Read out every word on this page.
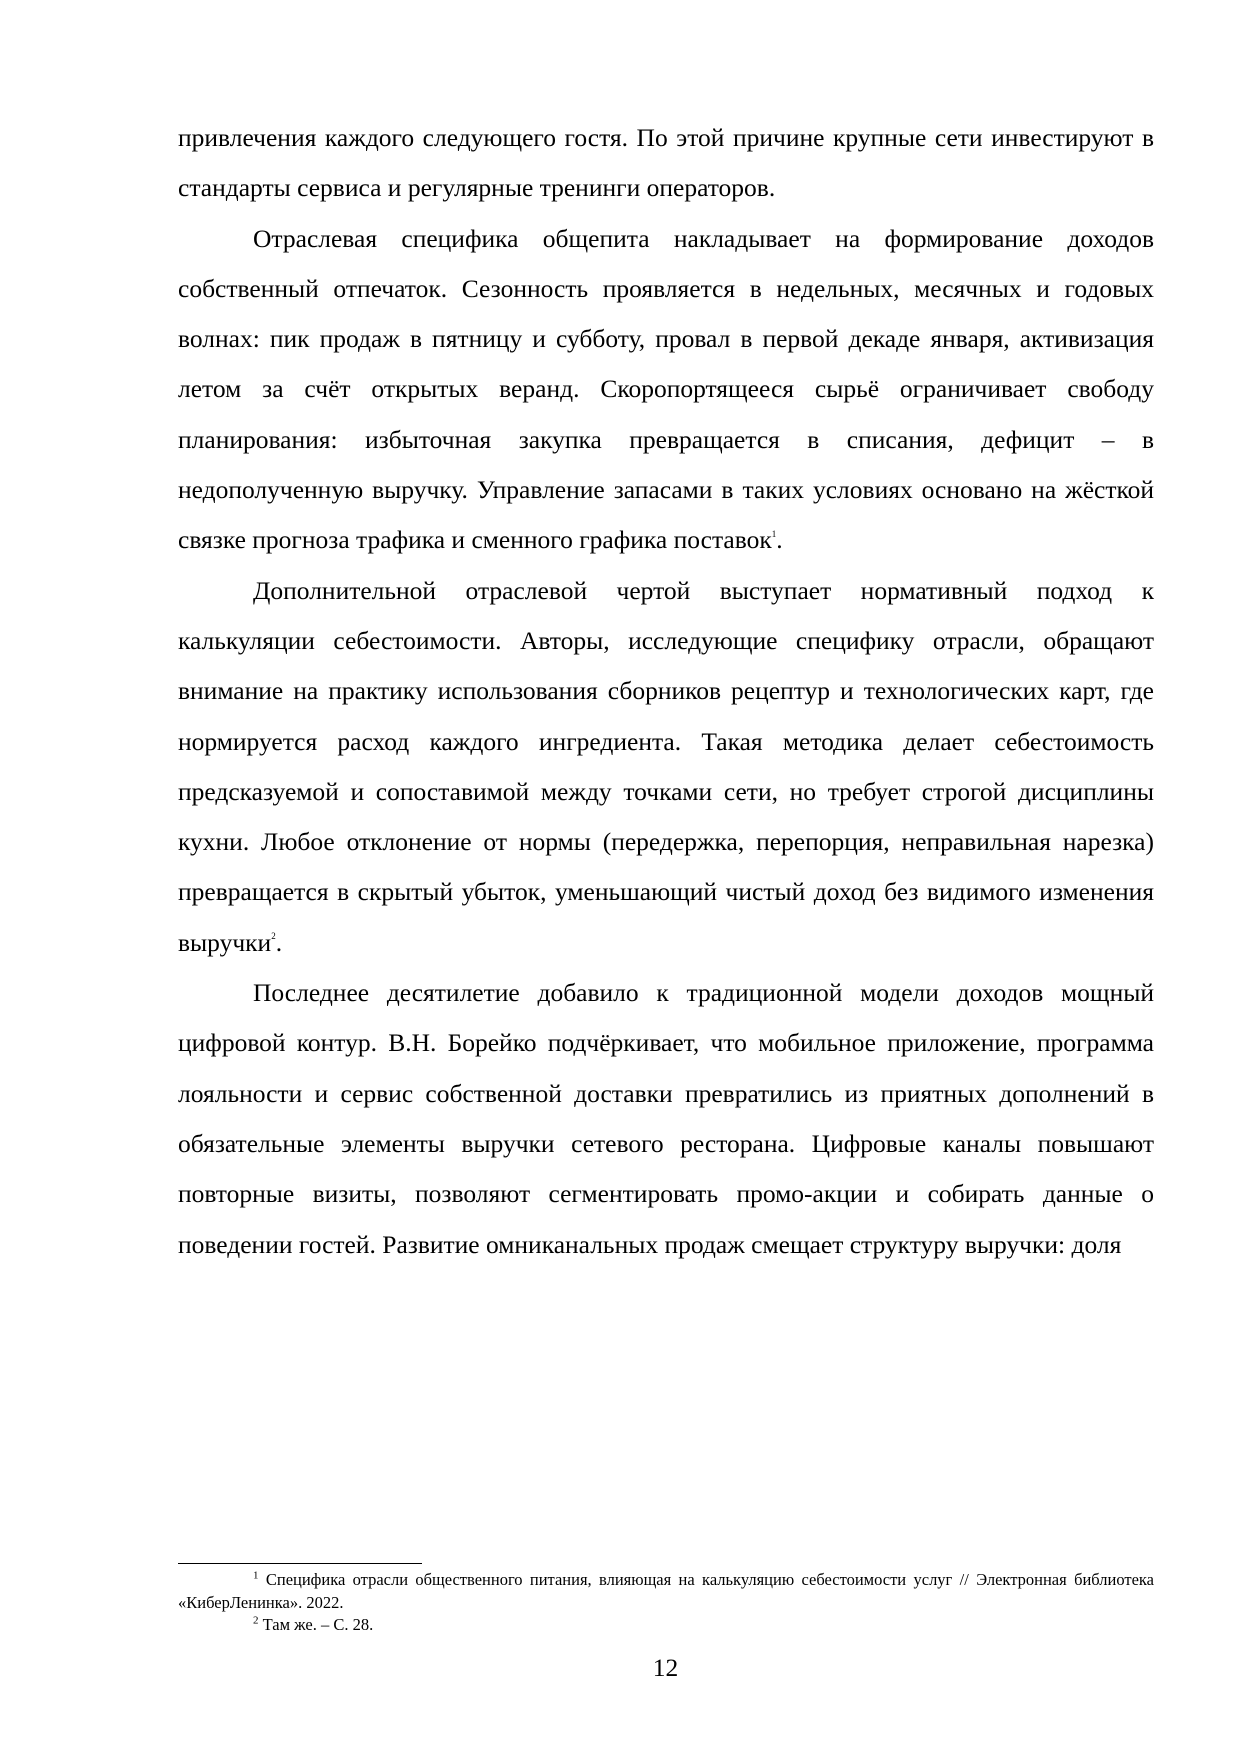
привлечения каждого следующего гостя. По этой причине крупные сети инвестируют в стандарты сервиса и регулярные тренинги операторов.

Отраслевая специфика общепита накладывает на формирование доходов собственный отпечаток. Сезонность проявляется в недельных, месячных и годовых волнах: пик продаж в пятницу и субботу, провал в первой декаде января, активизация летом за счёт открытых веранд. Скоропортящееся сырьё ограничивает свободу планирования: избыточная закупка превращается в списания, дефицит – в недополученную выручку. Управление запасами в таких условиях основано на жёсткой связке прогноза трафика и сменного графика поставок$^1$.

Дополнительной отраслевой чертой выступает нормативный подход к калькуляции себестоимости. Авторы, исследующие специфику отрасли, обращают внимание на практику использования сборников рецептур и технологических карт, где нормируется расход каждого ингредиента. Такая методика делает себестоимость предсказуемой и сопоставимой между точками сети, но требует строгой дисциплины кухни. Любое отклонение от нормы (передержка, перепорция, неправильная нарезка) превращается в скрытый убыток, уменьшающий чистый доход без видимого изменения выручки$^2$.

Последнее десятилетие добавило к традиционной модели доходов мощный цифровой контур. В.Н. Борейко подчёркивает, что мобильное приложение, программа лояльности и сервис собственной доставки превратились из приятных дополнений в обязательные элементы выручки сетевого ресторана. Цифровые каналы повышают повторные визиты, позволяют сегментировать промо-акции и собирать данные о поведении гостей. Развитие омниканальных продаж смещает структуру выручки: доля

$^1$ Специфика отрасли общественного питания, влияющая на калькуляцию себестоимости услуг // Электронная библиотека «КиберЛенинка». 2022.

$^2$ Там же. – С. 28.

12
